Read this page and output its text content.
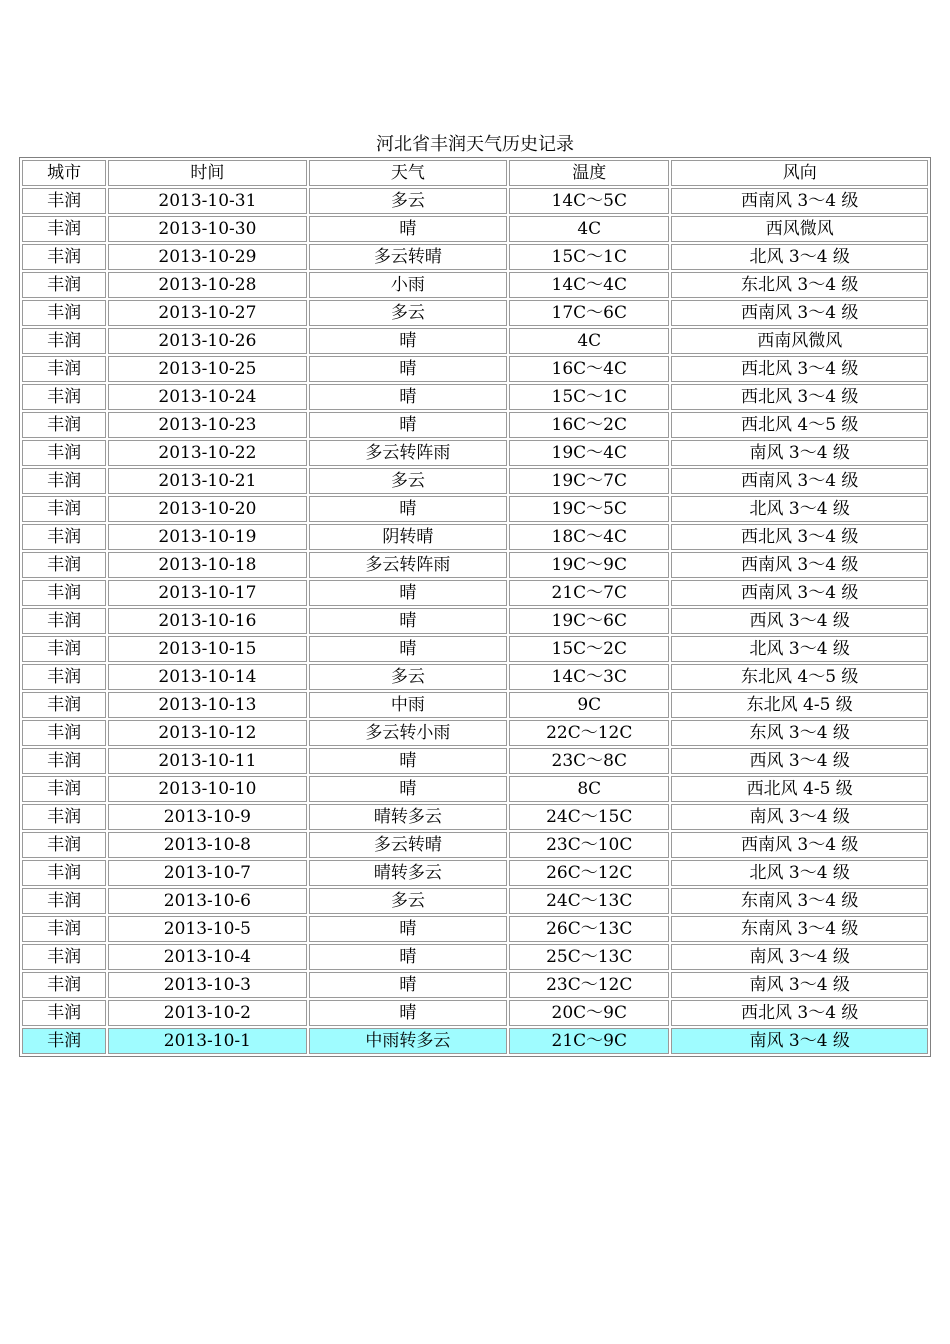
河北省丰润天气历史记录
城市	时间	天气	温度	风向
丰润	2013-10-31	多云	14C～5C	西南风 3～4 级
丰润	2013-10-30	晴	4C	西风微风
丰润	2013-10-29	多云转晴	15C～1C	北风 3～4 级
丰润	2013-10-28	小雨	14C～4C	东北风 3～4 级
丰润	2013-10-27	多云	17C～6C	西南风 3～4 级
丰润	2013-10-26	晴	4C	西南风微风
丰润	2013-10-25	晴	16C～4C	西北风 3～4 级
丰润	2013-10-24	晴	15C～1C	西北风 3～4 级
丰润	2013-10-23	晴	16C～2C	西北风 4～5 级
丰润	2013-10-22	多云转阵雨	19C～4C	南风 3～4 级
丰润	2013-10-21	多云	19C～7C	西南风 3～4 级
丰润	2013-10-20	晴	19C～5C	北风 3～4 级
丰润	2013-10-19	阴转晴	18C～4C	西北风 3～4 级
丰润	2013-10-18	多云转阵雨	19C～9C	西南风 3～4 级
丰润	2013-10-17	晴	21C～7C	西南风 3～4 级
丰润	2013-10-16	晴	19C～6C	西风 3～4 级
丰润	2013-10-15	晴	15C～2C	北风 3～4 级
丰润	2013-10-14	多云	14C～3C	东北风 4～5 级
丰润	2013-10-13	中雨	9C	东北风 4-5 级
丰润	2013-10-12	多云转小雨	22C～12C	东风 3～4 级
丰润	2013-10-11	晴	23C～8C	西风 3～4 级
丰润	2013-10-10	晴	8C	西北风 4-5 级
丰润	2013-10-9	晴转多云	24C～15C	南风 3～4 级
丰润	2013-10-8	多云转晴	23C～10C	西南风 3～4 级
丰润	2013-10-7	晴转多云	26C～12C	北风 3～4 级
丰润	2013-10-6	多云	24C～13C	东南风 3～4 级
丰润	2013-10-5	晴	26C～13C	东南风 3～4 级
丰润	2013-10-4	晴	25C～13C	南风 3～4 级
丰润	2013-10-3	晴	23C～12C	南风 3～4 级
丰润	2013-10-2	晴	20C～9C	西北风 3～4 级
丰润	2013-10-1	中雨转多云	21C～9C	南风 3～4 级
